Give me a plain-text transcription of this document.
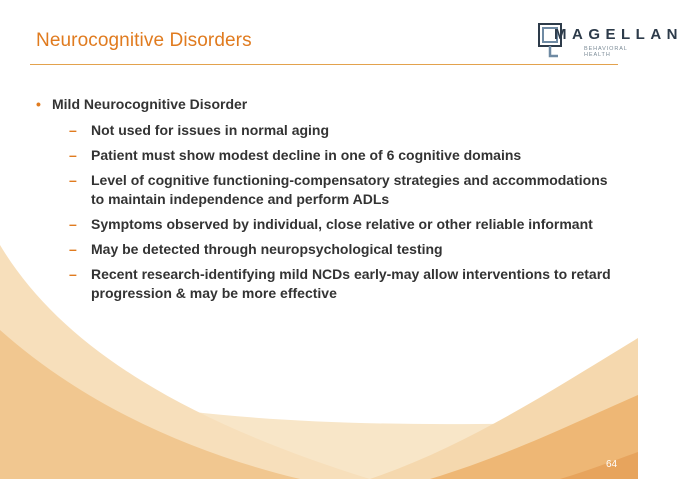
Neurocognitive Disorders	MAGELLAN
BEHAVIORAL HEALTH
• Mild Neurocognitive Disorder
– Not used for issues in normal aging
– Patient must show modest decline in one of 6 cognitive domains
– Level of cognitive functioning-compensatory strategies and accommodations to maintain independence and perform ADLs
– Symptoms observed by individual, close relative or other reliable informant
– May be detected through neuropsychological testing
– Recent research-identifying mild NCDs early-may allow interventions to retard progression & may be more effective
64
